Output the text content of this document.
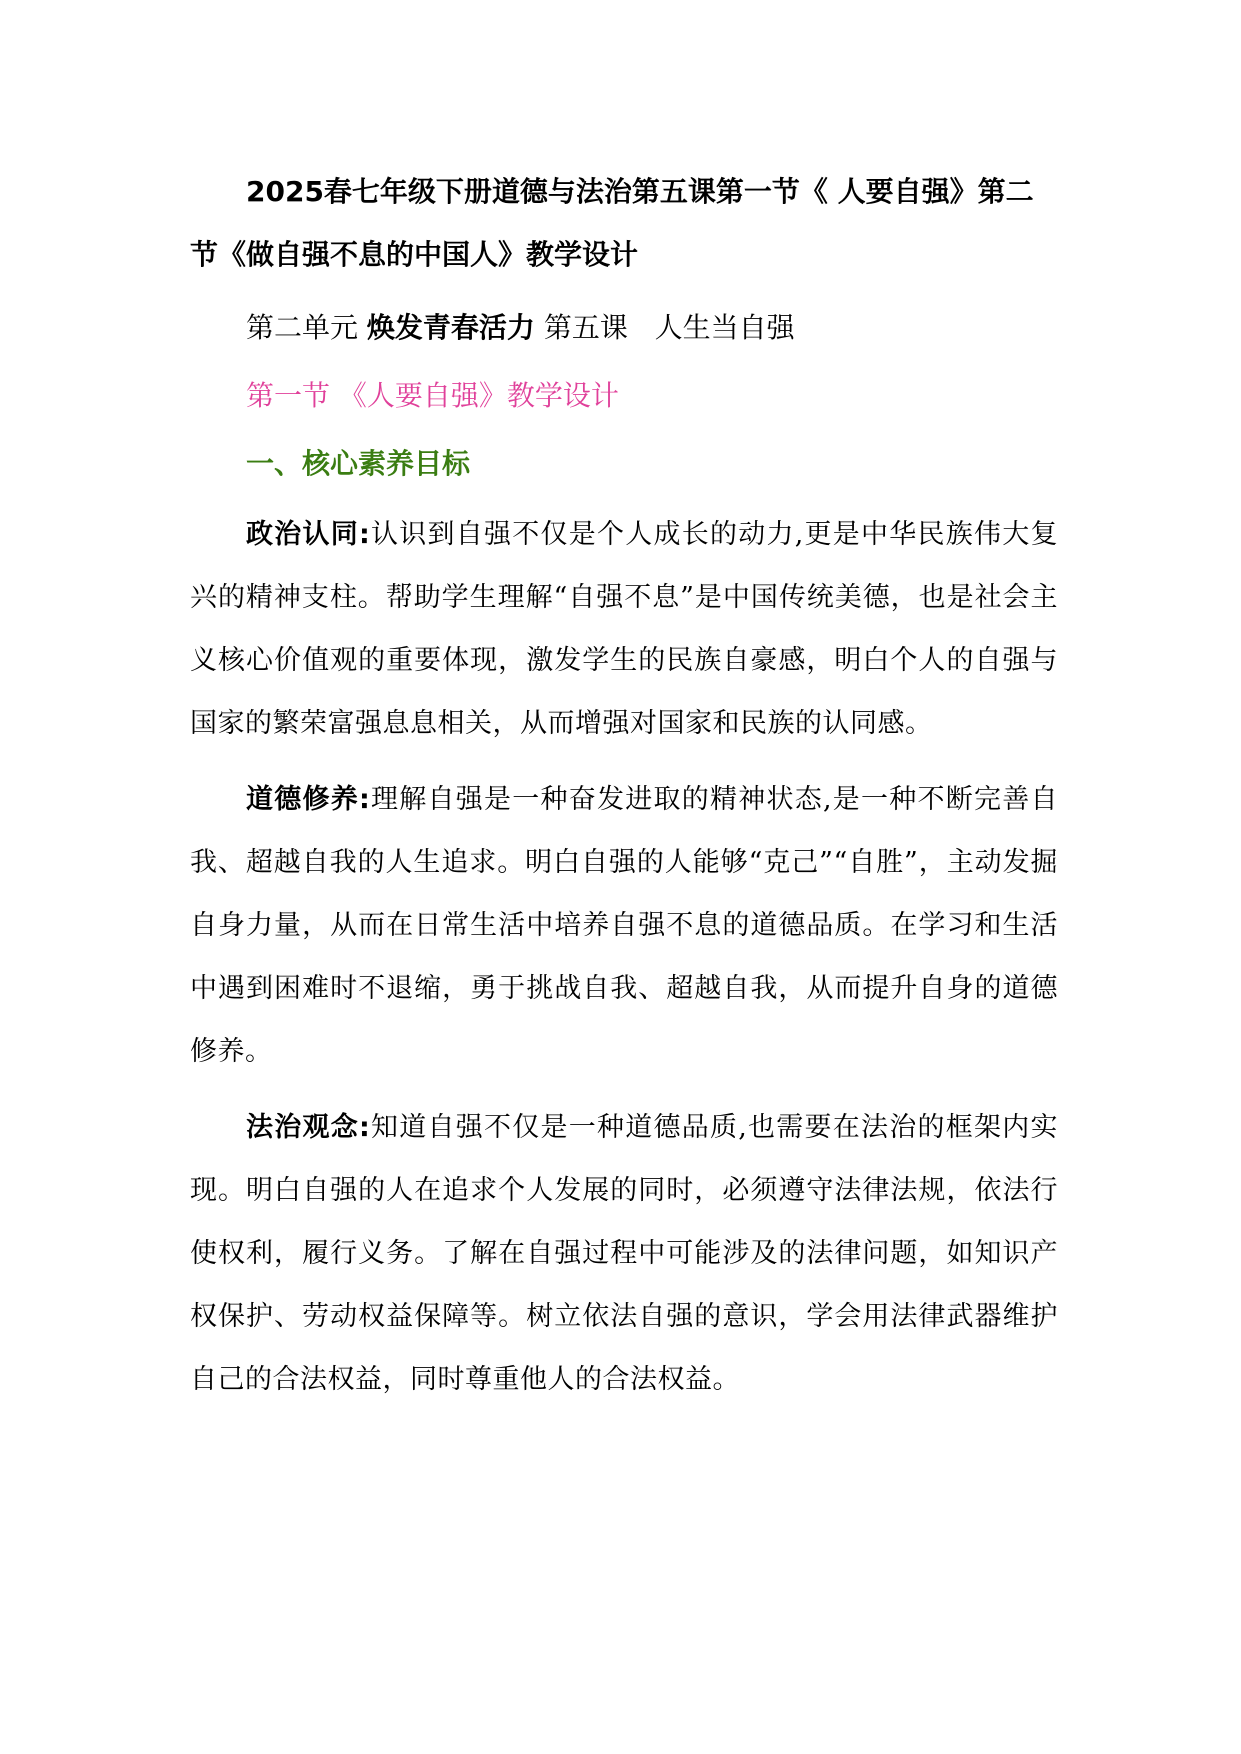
2025春七年级下册道德与法治第五课第一节《 人要自强》第二节《做自强不息的中国人》教学设计

第二单元 焕发青春活力 第五课 人生当自强

第一节 《人要自强》教学设计

一、核心素养目标

政治认同:认识到自强不仅是个人成长的动力,更是中华民族伟大复兴的精神支柱。帮助学生理解“自强不息”是中国传统美德，也是社会主义核心价值观的重要体现，激发学生的民族自豪感，明白个人的自强与国家的繁荣富强息息相关，从而增强对国家和民族的认同感。

道德修养:理解自强是一种奋发进取的精神状态,是一种不断完善自我、超越自我的人生追求。明白自强的人能够“克己”“自胜”，主动发掘自身力量，从而在日常生活中培养自强不息的道德品质。在学习和生活中遇到困难时不退缩，勇于挑战自我、超越自我，从而提升自身的道德修养。

法治观念:知道自强不仅是一种道德品质,也需要在法治的框架内实现。明白自强的人在追求个人发展的同时，必须遵守法律法规，依法行使权利，履行义务。了解在自强过程中可能涉及的法律问题，如知识产权保护、劳动权益保障等。树立依法自强的意识，学会用法律武器维护自己的合法权益，同时尊重他人的合法权益。
